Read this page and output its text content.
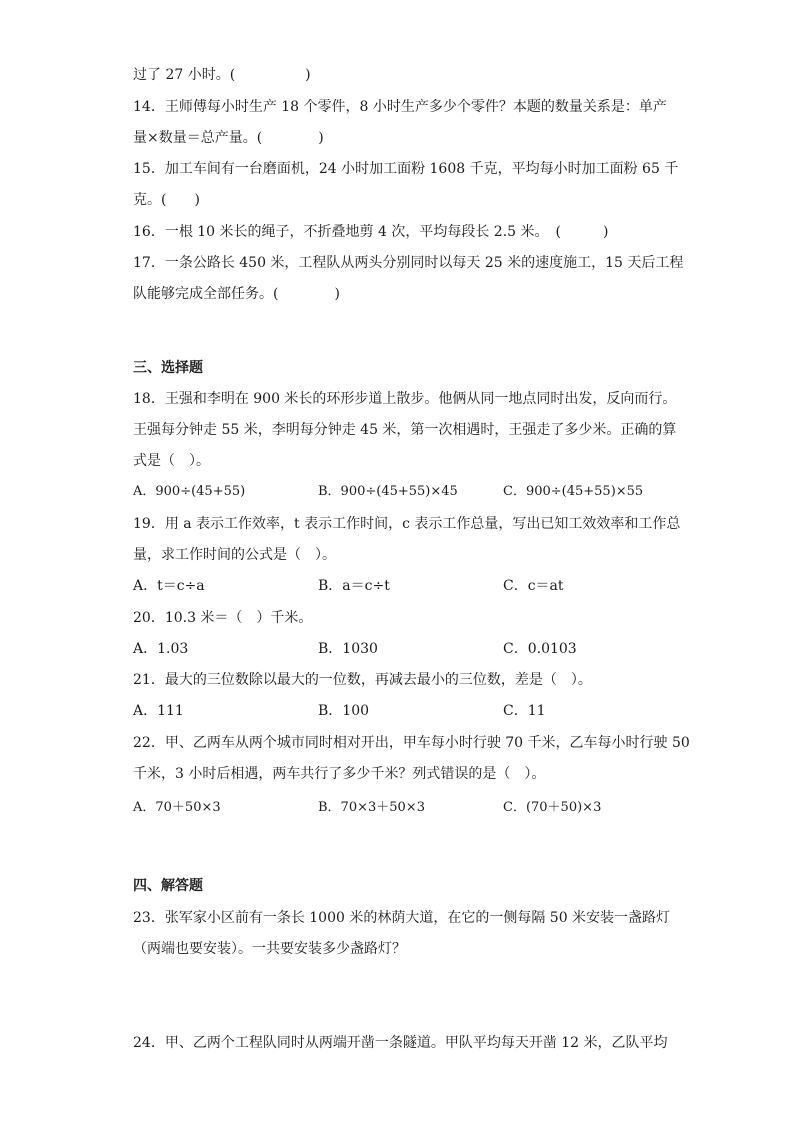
过了 27 小时。(　　　　　)
14．王师傅每小时生产 18 个零件，8 小时生产多少个零件？本题的数量关系是：单产
量×数量＝总产量。(　　　　)
15．加工车间有一台磨面机，24 小时加工面粉 1608 千克，平均每小时加工面粉 65 千
克。(　　)
16．一根 10 米长的绳子，不折叠地剪 4 次，平均每段长 2.5 米。　(　　　)
17．一条公路长 450 米，工程队从两头分别同时以每天 25 米的速度施工，15 天后工程
队能够完成全部任务。(　　　　)
三、选择题
18．王强和李明在 900 米长的环形步道上散步。他俩从同一地点同时出发，反向而行。
王强每分钟走 55 米，李明每分钟走 45 米，第一次相遇时，王强走了多少米。正确的算
式是（　）。
A．900÷(45+55)	B．900÷(45+55)×45	C．900÷(45+55)×55
19．用 a 表示工作效率，t 表示工作时间，c 表示工作总量，写出已知工效效率和工作总
量，求工作时间的公式是（　）。
A．t＝c÷a	B．a＝c÷t	C．c＝at
20．10.3 米＝（　）千米。
A．1.03	B．1030	C．0.0103
21．最大的三位数除以最大的一位数，再减去最小的三位数，差是（　）。
A．111	B．100	C．11
22．甲、乙两车从两个城市同时相对开出，甲车每小时行驶 70 千米，乙车每小时行驶 50
千米，3 小时后相遇，两车共行了多少千米？列式错误的是（　）。
A．70＋50×3	B．70×3＋50×3	C．(70＋50)×3
四、解答题
23．张军家小区前有一条长 1000 米的林荫大道，在它的一侧每隔 50 米安装一盏路灯
（两端也要安装）。一共要安装多少盏路灯？
24．甲、乙两个工程队同时从两端开凿一条隧道。甲队平均每天开凿 12 米，乙队平均
